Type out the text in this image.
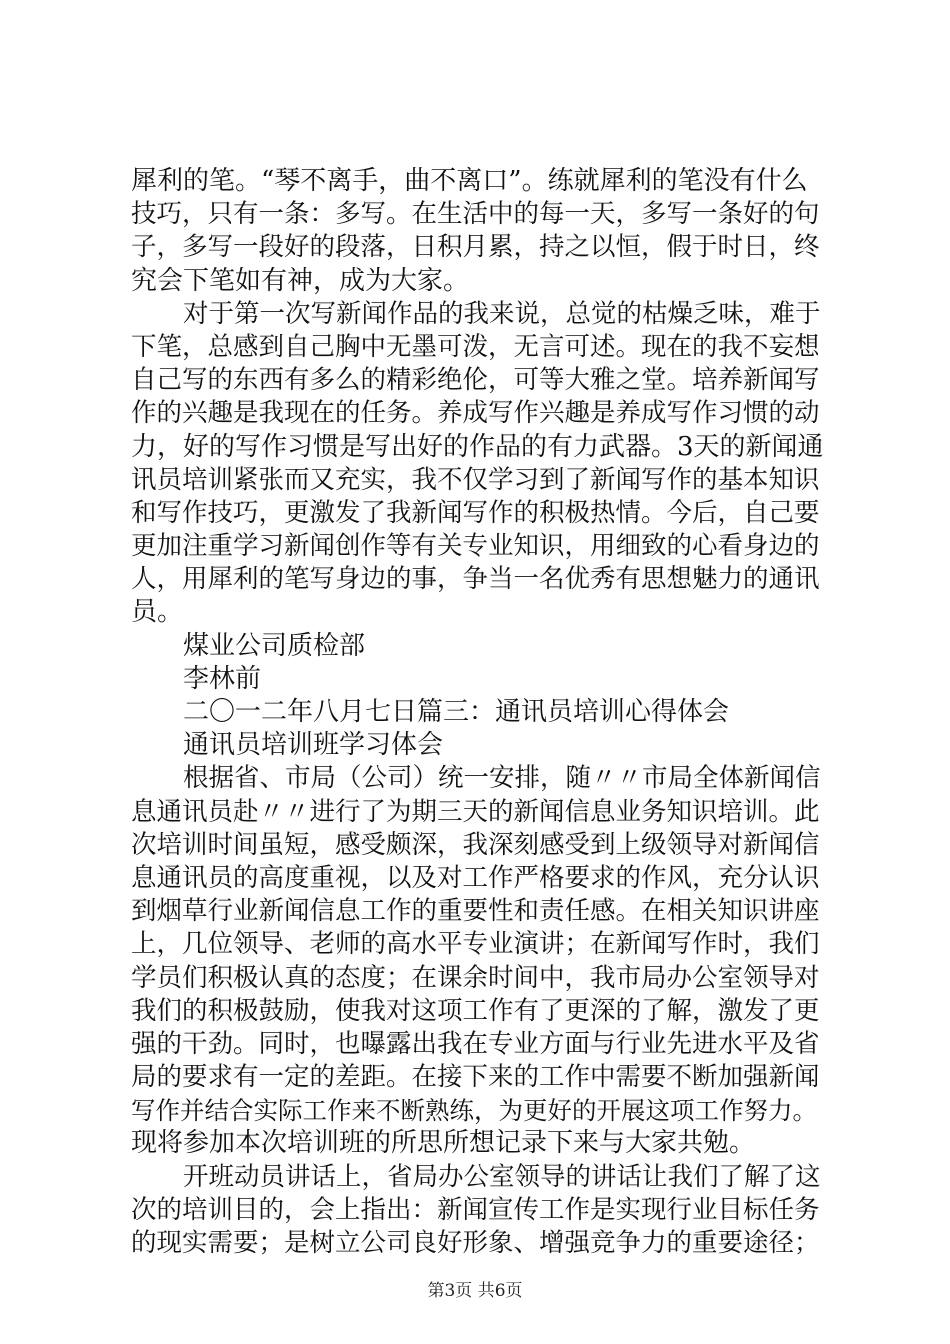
犀利的笔。“琴不离手，曲不离口”。练就犀利的笔没有什么
技巧，只有一条：多写。在生活中的每一天，多写一条好的句
子，多写一段好的段落，日积月累，持之以恒，假于时日，终
究会下笔如有神，成为大家。
对于第一次写新闻作品的我来说，总觉的枯燥乏味，难于
下笔，总感到自己胸中无墨可泼，无言可述。现在的我不妄想
自己写的东西有多么的精彩绝伦，可等大雅之堂。培养新闻写
作的兴趣是我现在的任务。养成写作兴趣是养成写作习惯的动
力，好的写作习惯是写出好的作品的有力武器。3天的新闻通
讯员培训紧张而又充实，我不仅学习到了新闻写作的基本知识
和写作技巧，更激发了我新闻写作的积极热情。今后，自己要
更加注重学习新闻创作等有关专业知识，用细致的心看身边的
人，用犀利的笔写身边的事，争当一名优秀有思想魅力的通讯
员。
煤业公司质检部
李林前
二〇一二年八月七日篇三：通讯员培训心得体会
通讯员培训班学习体会
根据省、市局（公司）统一安排，随〃〃市局全体新闻信
息通讯员赴〃〃进行了为期三天的新闻信息业务知识培训。此
次培训时间虽短，感受颇深，我深刻感受到上级领导对新闻信
息通讯员的高度重视，以及对工作严格要求的作风，充分认识
到烟草行业新闻信息工作的重要性和责任感。在相关知识讲座
上，几位领导、老师的高水平专业演讲；在新闻写作时，我们
学员们积极认真的态度；在课余时间中，我市局办公室领导对
我们的积极鼓励，使我对这项工作有了更深的了解，激发了更
强的干劲。同时，也曝露出我在专业方面与行业先进水平及省
局的要求有一定的差距。在接下来的工作中需要不断加强新闻
写作并结合实际工作来不断熟练，为更好的开展这项工作努力。
现将参加本次培训班的所思所想记录下来与大家共勉。
开班动员讲话上，省局办公室领导的讲话让我们了解了这
次的培训目的，会上指出：新闻宣传工作是实现行业目标任务
的现实需要；是树立公司良好形象、增强竞争力的重要途径；
第3页 共6页
